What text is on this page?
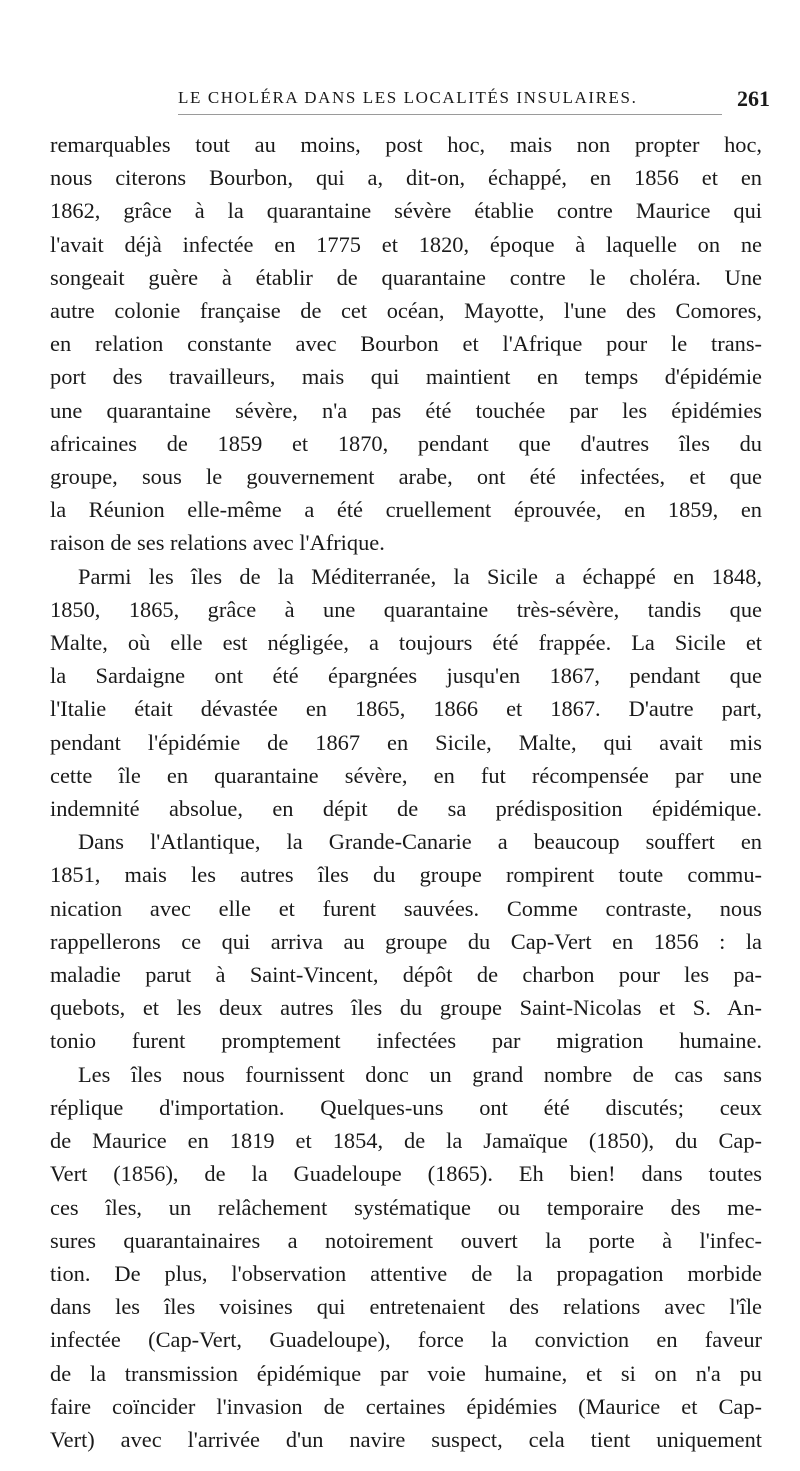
LE CHOLÉRA DANS LES LOCALITÉS INSULAIRES.	261

remarquables tout au moins, post hoc, mais non propter hoc,

nous citerons Bourbon, qui a, dit-on, échappé, en 1856 et en

1862, grâce à la quarantaine sévère établie contre Maurice qui

l'avait déjà infectée en 1775 et 1820, époque à laquelle on ne

songeait guère à établir de quarantaine contre le choléra. Une

autre colonie française de cet océan, Mayotte, l'une des Comores,

en relation constante avec Bourbon et l'Afrique pour le trans-

port des travailleurs, mais qui maintient en temps d'épidémie

une quarantaine sévère, n'a pas été touchée par les épidémies

africaines de 1859 et 1870, pendant que d'autres îles du

groupe, sous le gouvernement arabe, ont été infectées, et que

la Réunion elle-même a été cruellement éprouvée, en 1859, en

raison de ses relations avec l'Afrique.

Parmi les îles de la Méditerranée, la Sicile a échappé en 1848,

1850, 1865, grâce à une quarantaine très-sévère, tandis que

Malte, où elle est négligée, a toujours été frappée. La Sicile et

la Sardaigne ont été épargnées jusqu'en 1867, pendant que

l'Italie était dévastée en 1865, 1866 et 1867. D'autre part,

pendant l'épidémie de 1867 en Sicile, Malte, qui avait mis

cette île en quarantaine sévère, en fut récompensée par une

indemnité absolue, en dépit de sa prédisposition épidémique.

Dans l'Atlantique, la Grande-Canarie a beaucoup souffert en

1851, mais les autres îles du groupe rompirent toute commu-

nication avec elle et furent sauvées. Comme contraste, nous

rappellerons ce qui arriva au groupe du Cap-Vert en 1856 : la

maladie parut à Saint-Vincent, dépôt de charbon pour les pa-

quebots, et les deux autres îles du groupe Saint-Nicolas et S. An-

tonio furent promptement infectées par migration humaine.

Les îles nous fournissent donc un grand nombre de cas sans

réplique d'importation. Quelques-uns ont été discutés; ceux

de Maurice en 1819 et 1854, de la Jamaïque (1850), du Cap-

Vert (1856), de la Guadeloupe (1865). Eh bien! dans toutes

ces îles, un relâchement systématique ou temporaire des me-

sures quarantainaires a notoirement ouvert la porte à l'infec-

tion. De plus, l'observation attentive de la propagation morbide

dans les îles voisines qui entretenaient des relations avec l'île

infectée (Cap-Vert, Guadeloupe), force la conviction en faveur

de la transmission épidémique par voie humaine, et si on n'a pu

faire coïncider l'invasion de certaines épidémies (Maurice et Cap-

Vert) avec l'arrivée d'un navire suspect, cela tient uniquement
